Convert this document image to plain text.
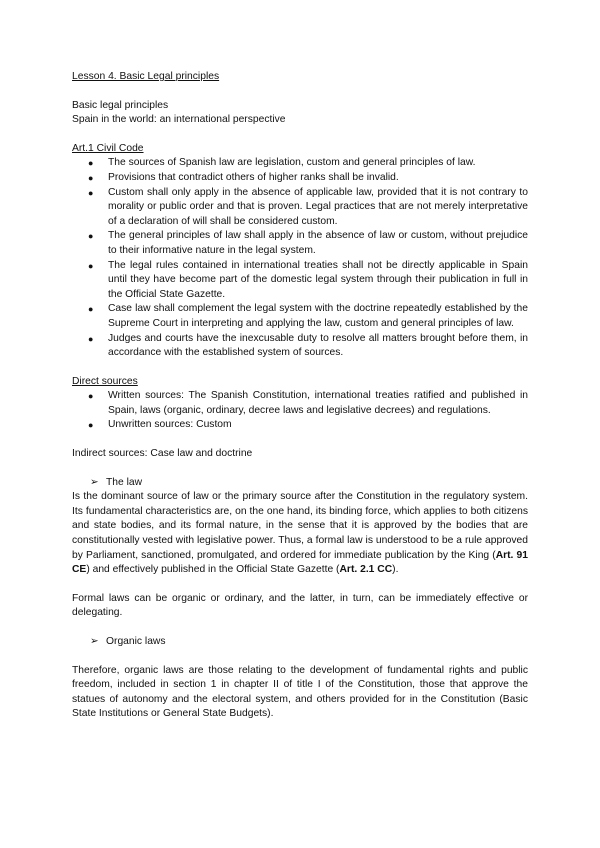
Lesson 4. Basic Legal principles

Basic legal principles

Spain in the world: an international perspective

Art.1 Civil Code

● The sources of Spanish law are legislation, custom and general principles of law.
● Provisions that contradict others of higher ranks shall be invalid.
● Custom shall only apply in the absence of applicable law, provided that it is not contrary to morality or public order and that is proven. Legal practices that are not merely interpretative of a declaration of will shall be considered custom.
● The general principles of law shall apply in the absence of law or custom, without prejudice to their informative nature in the legal system.
● The legal rules contained in international treaties shall not be directly applicable in Spain until they have become part of the domestic legal system through their publication in full in the Official State Gazette.
● Case law shall complement the legal system with the doctrine repeatedly established by the Supreme Court in interpreting and applying the law, custom and general principles of law.
● Judges and courts have the inexcusable duty to resolve all matters brought before them, in accordance with the established system of sources.

Direct sources

● Written sources: The Spanish Constitution, international treaties ratified and published in Spain, laws (organic, ordinary, decree laws and legislative decrees) and regulations.
● Unwritten sources: Custom

Indirect sources: Case law and doctrine

➢ The law

Is the dominant source of law or the primary source after the Constitution in the regulatory system. Its fundamental characteristics are, on the one hand, its binding force, which applies to both citizens and state bodies, and its formal nature, in the sense that it is approved by the bodies that are constitutionally vested with legislative power. Thus, a formal law is understood to be a rule approved by Parliament, sanctioned, promulgated, and ordered for immediate publication by the King (Art. 91 CE) and effectively published in the Official State Gazette (Art. 2.1 CC).

Formal laws can be organic or ordinary, and the latter, in turn, can be immediately effective or delegating.

➢ Organic laws

Therefore, organic laws are those relating to the development of fundamental rights and public freedom, included in section 1 in chapter II of title I of the Constitution, those that approve the statues of autonomy and the electoral system, and others provided for in the Constitution (Basic State Institutions or General State Budgets).
